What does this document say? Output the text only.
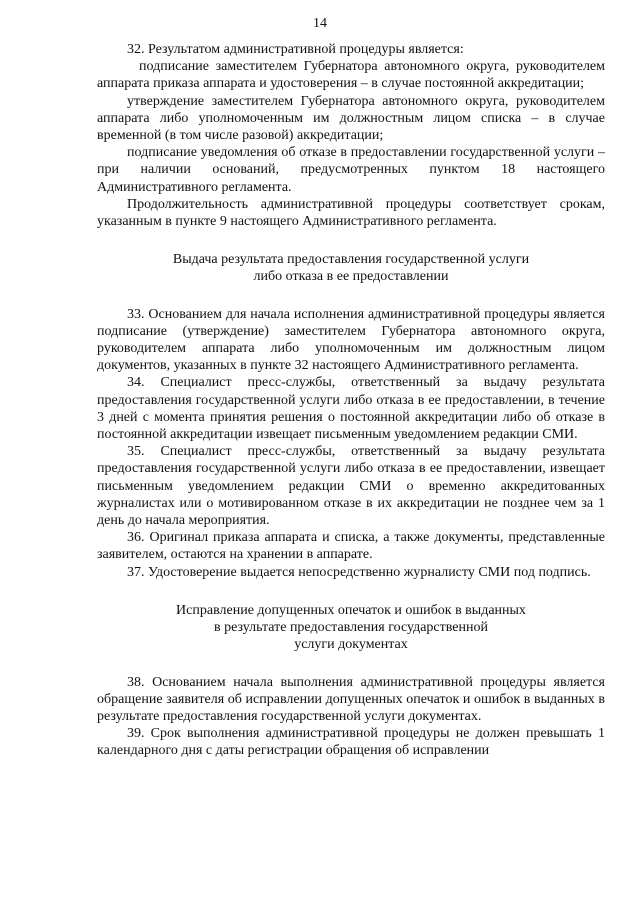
14

32. Результатом административной процедуры является:

подписание заместителем Губернатора автономного округа, руководителем аппарата приказа аппарата и удостоверения – в случае постоянной аккредитации;

утверждение заместителем Губернатора автономного округа, руководителем аппарата либо уполномоченным им должностным лицом списка – в случае временной (в том числе разовой) аккредитации;

подписание уведомления об отказе в предоставлении государственной услуги – при наличии оснований, предусмотренных пунктом 18 настоящего Административного регламента.

Продолжительность административной процедуры соответствует срокам, указанным в пункте 9 настоящего Административного регламента.

Выдача результата предоставления государственной услуги

либо отказа в ее предоставлении

33. Основанием для начала исполнения административной процедуры является подписание (утверждение) заместителем Губернатора автономного округа, руководителем аппарата либо уполномоченным им должностным лицом документов, указанных в пункте 32 настоящего Административного регламента.

34. Специалист пресс-службы, ответственный за выдачу результата предоставления государственной услуги либо отказа в ее предоставлении, в течение 3 дней с момента принятия решения о постоянной аккредитации либо об отказе в постоянной аккредитации извещает письменным уведомлением редакции СМИ.

35. Специалист пресс-службы, ответственный за выдачу результата предоставления государственной услуги либо отказа в ее предоставлении, извещает письменным уведомлением редакции СМИ о временно аккредитованных журналистах или о мотивированном отказе в их аккредитации не позднее чем за 1 день до начала мероприятия.

36. Оригинал приказа аппарата и списка, а также документы, представленные заявителем, остаются на хранении в аппарате.

37. Удостоверение выдается непосредственно журналисту СМИ под подпись.

Исправление допущенных опечаток и ошибок в выданных

в результате предоставления государственной

услуги документах

38. Основанием начала выполнения административной процедуры является обращение заявителя об исправлении допущенных опечаток и ошибок в выданных в результате предоставления государственной услуги документах.

39. Срок выполнения административной процедуры не должен превышать 1 календарного дня с даты регистрации обращения об исправлении
